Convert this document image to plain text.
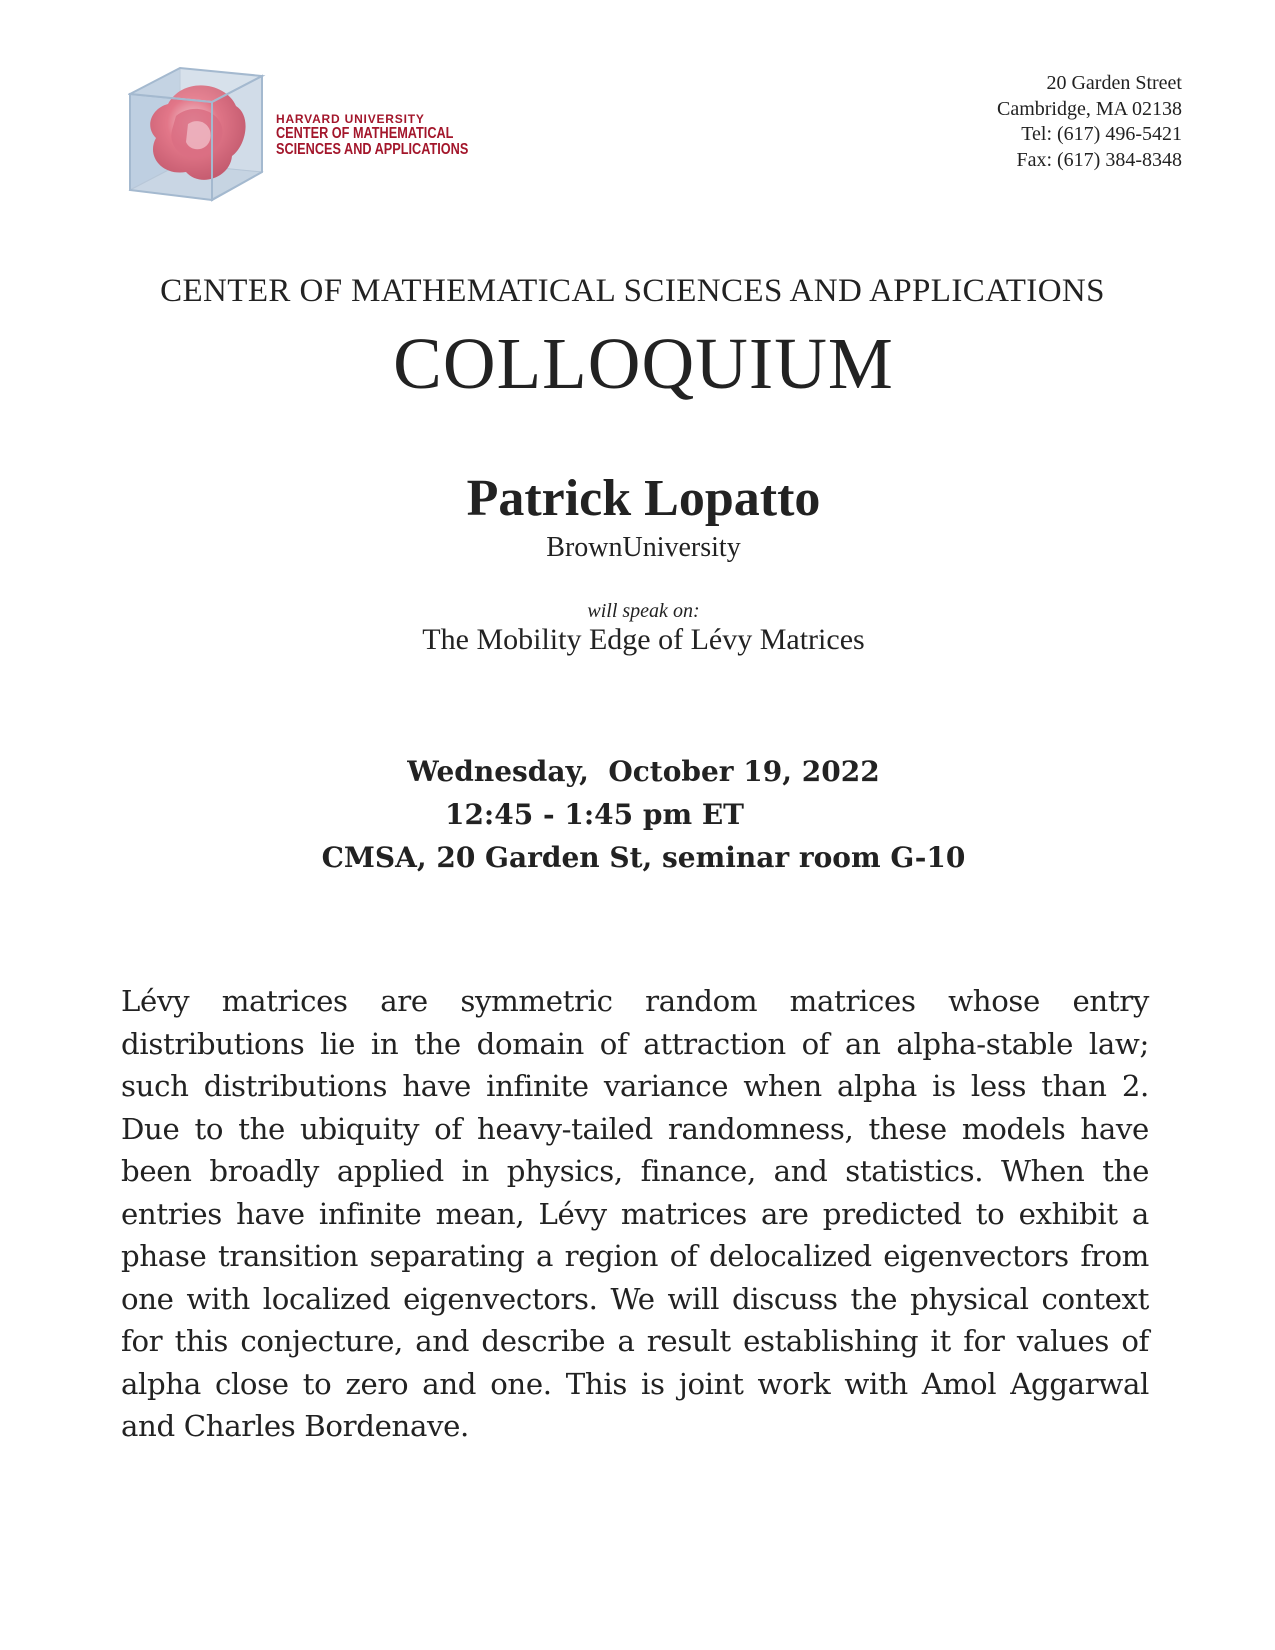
HARVARD UNIVERSITY
CENTER OF MATHEMATICAL
SCIENCES AND APPLICATIONS
20 Garden Street
Cambridge, MA 02138
Tel: (617) 496-5421
Fax: (617) 384-8348
CENTER OF MATHEMATICAL SCIENCES AND APPLICATIONS
COLLOQUIUM
Patrick Lopatto
BrownUniversity
will speak on:
The Mobility Edge of Lévy Matrices
Wednesday,  October 19, 2022
12:45 - 1:45 pm ET
CMSA, 20 Garden St, seminar room G-10

Lévy matrices are symmetric random matrices whose entry distributions lie in the domain of attraction of an alpha-stable law; such distributions have infinite variance when alpha is less than 2. Due to the ubiquity of heavy-tailed randomness, these models have been broadly applied in physics, finance, and statistics. When the entries have infinite mean, Lévy matrices are predicted to exhibit a phase transition separating a region of delocalized eigenvectors from one with localized eigenvectors. We will discuss the physical context for this conjecture, and describe a result establishing it for values of alpha close to zero and one. This is joint work with Amol Aggarwal and Charles Bordenave.
